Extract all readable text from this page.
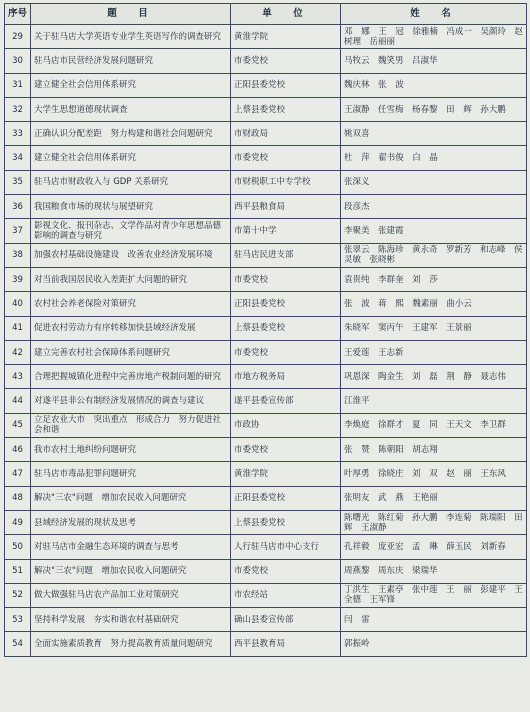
序号	题　目	单　位	姓　名
29	关于驻马店大学英语专业学生英语写作的调查研究	黄淮学院	邓 娜　王 冠　徐雅楠　冯成一　吴颜玲　赵树理　岳丽丽
30	驻马店市民营经济发展问题研究	市委党校	马牧云　魏笑男　吕淑华
31	建立健全社会信用体系研究	正阳县委党校	魏庆林　张 波
32	大学生思想道德现状调查	上蔡县委党校	王淑静　任雪梅　杨春黎　田 辉　孙大鹏
33	正确认识分配差距　努力构建和谐社会问题研究	市财政局	姚双喜
34	建立健全社会信用体系研究	市委党校	杜 萍　翟书俊　白 晶
35	驻马店市财政收入与 GDP 关系研究	市财税职工中专学校	张深义
36	我国粮食市场的现状与展望研究	西平县粮食局	段彦杰
37	影视文化、报刊杂志、文学作品对青少年思想品德影响的调查与研究	市第十中学	李聚美　张建霞
38	加强农村基础设施建设　改善农业经济发展环境	驻马店民进支部	张翠云　陈海珍　黄永奇　罗新芳　和志峰　侯灵敏　张晓彬
39	对当前我国居民收入差距扩大问题的研究	市委党校	袁贵纯　李群奎　刘 莎
40	农村社会养老保险对策研究	正阳县委党校	张 波　蒋 熙　魏素丽　曲小云
41	促进农村劳动力有序转移加快县域经济发展	上蔡县委党校	朱晓军　窦丙午　王建军　王景丽
42	建立完善农村社会保障体系问题研究	市委党校	王爱莲　王志新
43	合理把握城镇化进程中完善房地产税制问题的研究	市地方税务局	巩恩深　陶金生　刘 磊　荆 静　聂志伟
44	对遂平县非公有制经济发展情况的调查与建议	遂平县委宣传部	江淮平
45	立足农业大市　突出重点　形成合力　努力促进社会和谐	市政协	李焕庭　徐群才　夏 同　王天文　李卫群
46	我市农村土地纠纷问题研究	市委党校	张 赞　陈朝阳　胡志翔
47	驻马店市毒品犯罪问题研究	黄淮学院	叶厚勇　徐晓庄　刘 双　赵 丽　王东风
48	解决"三农"问题　增加农民收入问题研究	正阳县委党校	张明友　武 燕　王艳丽
49	县域经济发展的现状及思考	上蔡县委党校	陈曙光　陈红菊　孙大鹏　李连菊　陈瑞阳　田 辉　王淑静
50	对驻马店市金融生态环境的调查与思考	人行驻马店市中心支行	孔祥毅　庞亚宏　孟 琳　薛玉民　刘新春
51	解决"三农"问题　增加农民收入问题研究	市委党校	周燕黎　周东庆　梁瑞华
52	做大做强驻马店农产品加工业对策研究	市农经站	丁洪生　王素亭　张中莲　王 丽　彭建平　王全德　王军锋
53	坚持科学发展　夯实和谐农村基础研究	确山县委宣传部	闫 雷
54	全面实施素质教育　努力提高教育质量问题研究	西平县教育局	郭振岭
